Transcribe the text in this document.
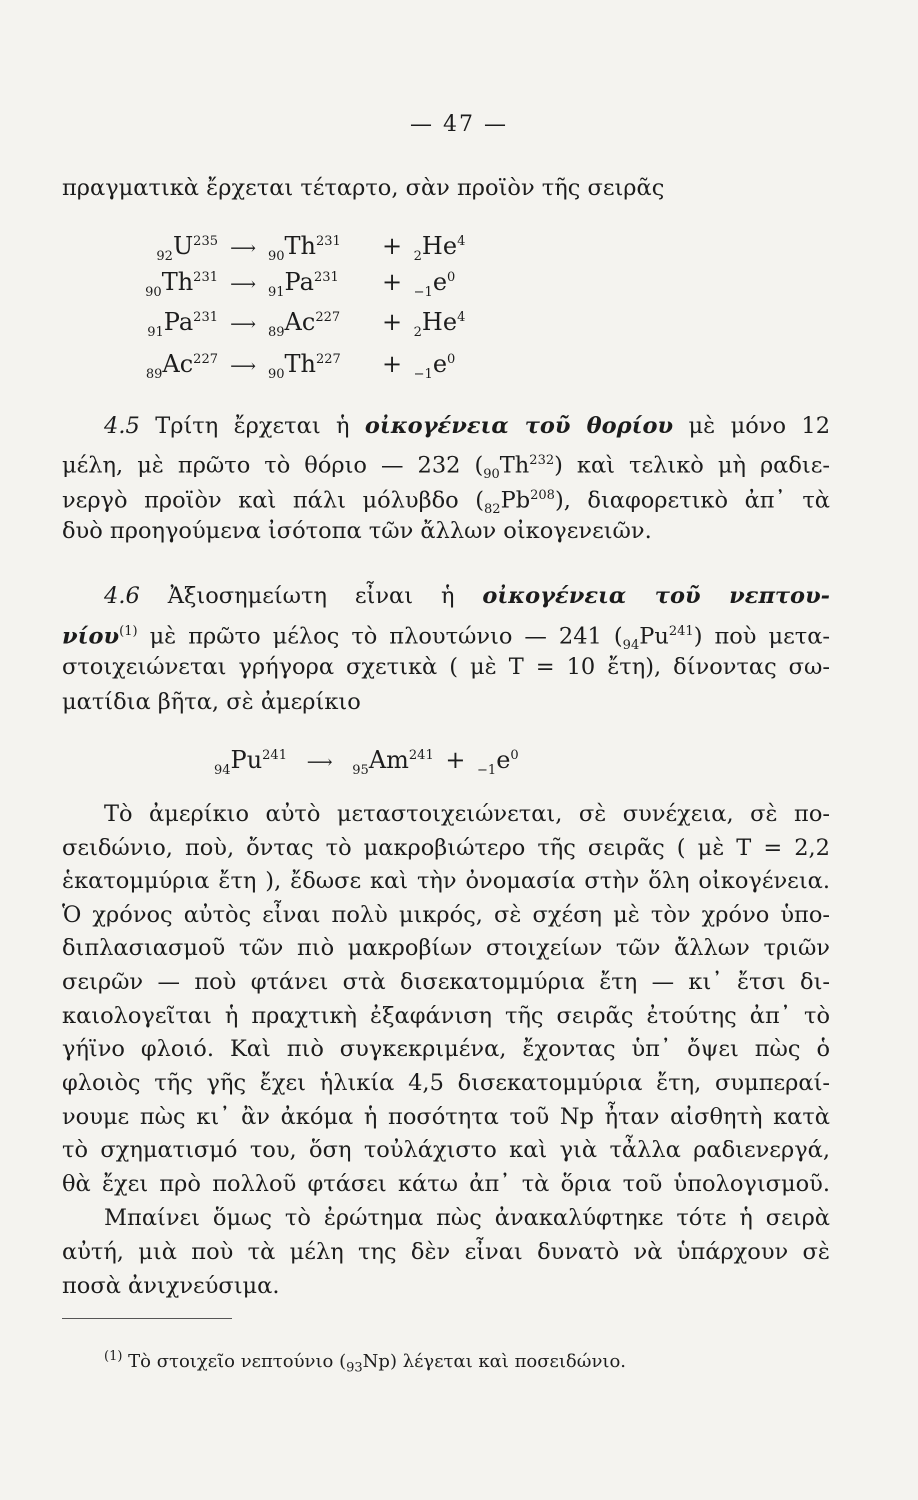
— 47 —
πραγματικὰ ἔρχεται τέταρτο, σὰν προϊὸν τῆς σειρᾶς
$_{92}U^{235}$ ⟶ $_{90}Th^{231} + _2He^4$
$_{90}Th^{231}$ ⟶ $_{91}Pa^{231} + _{-1}e^0$
$_{91}Pa^{231}$ ⟶ $_{89}Ac^{227} + _2He^4$
$_{89}Ac^{227}$ ⟶ $_{90}Th^{227} + _{-1}e^0$
4.5 Τρίτη ἔρχεται ἡ οἰκογένεια τοῦ θορίου μὲ μόνο 12
μέλη, μὲ πρῶτο τὸ θόριο — 232 $(_{90}Th^{232})$ καὶ τελικὸ μὴ ραδιε-
νεργὸ προϊὸν καὶ πάλι μόλυβδο $(_{82}Pb^{208})$, διαφορετικὸ ἀπ᾽ τὰ
δυὸ προηγούμενα ἰσότοπα τῶν ἄλλων οἰκογενειῶν.
4.6 Ἀξιοσημείωτη εἶναι ἡ οἰκογένεια τοῦ νεπτου-
νίου$^{(1)}$ μὲ πρῶτο μέλος τὸ πλουτώνιο — 241 $(_{94}Pu^{241})$ ποὺ μετα-
στοιχειώνεται γρήγορα σχετικὰ ( μὲ T = 10 ἔτη), δίνοντας σω-
ματίδια βῆτα, σὲ ἀμερίκιο
$_{94}Pu^{241}$ ⟶ $_{95}Am^{241} + _{-1}e^0$
Τὸ ἀμερίκιο αὐτὸ μεταστοιχειώνεται, σὲ συνέχεια, σὲ πο-
σειδώνιο, ποὺ, ὄντας τὸ μακροβιώτερο τῆς σειρᾶς ( μὲ T = 2,2
ἑκατομμύρια ἔτη ), ἔδωσε καὶ τὴν ὀνομασία στὴν ὅλη οἰκογένεια.
Ὁ χρόνος αὐτὸς εἶναι πολὺ μικρός, σὲ σχέση μὲ τὸν χρόνο ὑπο-
διπλασιασμοῦ τῶν πιὸ μακροβίων στοιχείων τῶν ἄλλων τριῶν
σειρῶν — ποὺ φτάνει στὰ δισεκατομμύρια ἔτη — κι᾽ ἔτσι δι-
καιολογεῖται ἡ πραχτικὴ ἐξαφάνιση τῆς σειρᾶς ἐτούτης ἀπ᾽ τὸ
γήϊνο φλοιό. Καὶ πιὸ συγκεκριμένα, ἔχοντας ὑπ᾽ ὄψει πὼς ὁ
φλοιὸς τῆς γῆς ἔχει ἡλικία 4,5 δισεκατομμύρια ἔτη, συμπεραί-
νουμε πὼς κι᾽ ἂν ἀκόμα ἡ ποσότητα τοῦ Np ἦταν αἰσθητὴ κατὰ
τὸ σχηματισμό του, ὅση τοὐλάχιστο καὶ γιὰ τἆλλα ραδιενεργά,
θὰ ἔχει πρὸ πολλοῦ φτάσει κάτω ἀπ᾽ τὰ ὅρια τοῦ ὑπολογισμοῦ.
Μπαίνει ὅμως τὸ ἐρώτημα πὼς ἀνακαλύφτηκε τότε ἡ σειρὰ
αὐτή, μιὰ ποὺ τὰ μέλη της δὲν εἶναι δυνατὸ νὰ ὑπάρχουν σὲ
ποσὰ ἀνιχνεύσιμα.
$^{(1)}$ Τὸ στοιχεῖο νεπτούνιο $(_{93}Np)$ λέγεται καὶ ποσειδώνιο.
